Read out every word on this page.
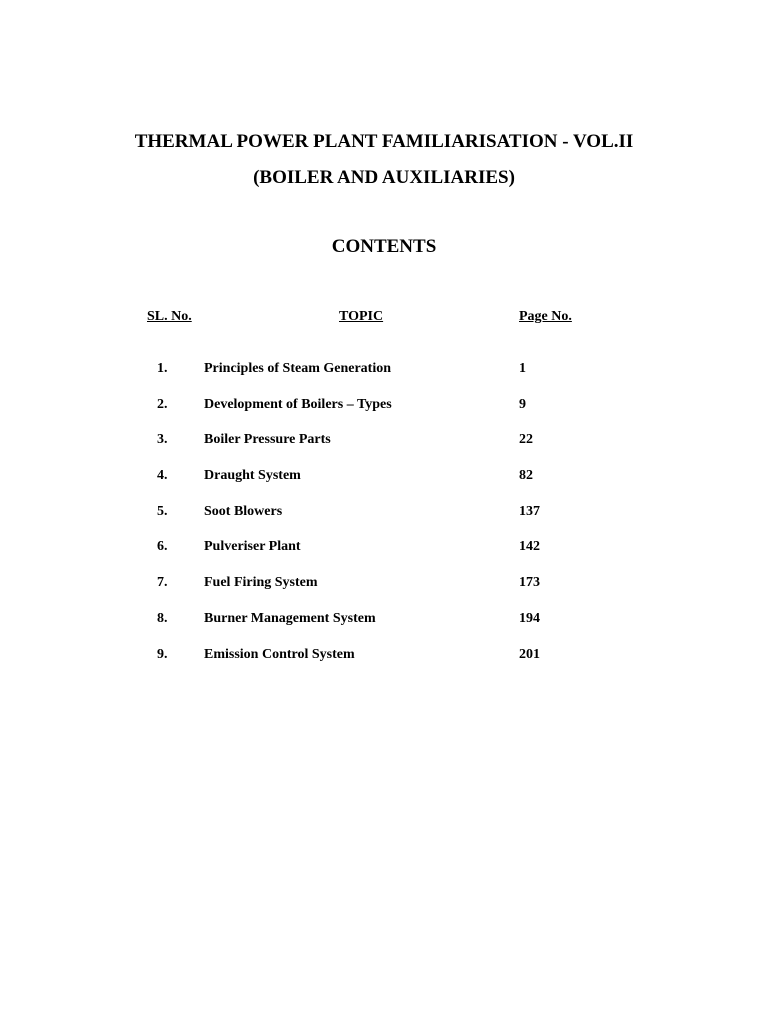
THERMAL POWER PLANT FAMILIARISATION - VOL.II
(BOILER AND AUXILIARIES)
CONTENTS
SL. No.	TOPIC	Page No.
1.	Principles of Steam Generation	1
2.	Development of Boilers – Types	9
3.	Boiler Pressure Parts	22
4.	Draught System	82
5.	Soot Blowers	137
6.	Pulveriser Plant	142
7.	Fuel Firing System	173
8.	Burner Management System	194
9.	Emission Control System	201
